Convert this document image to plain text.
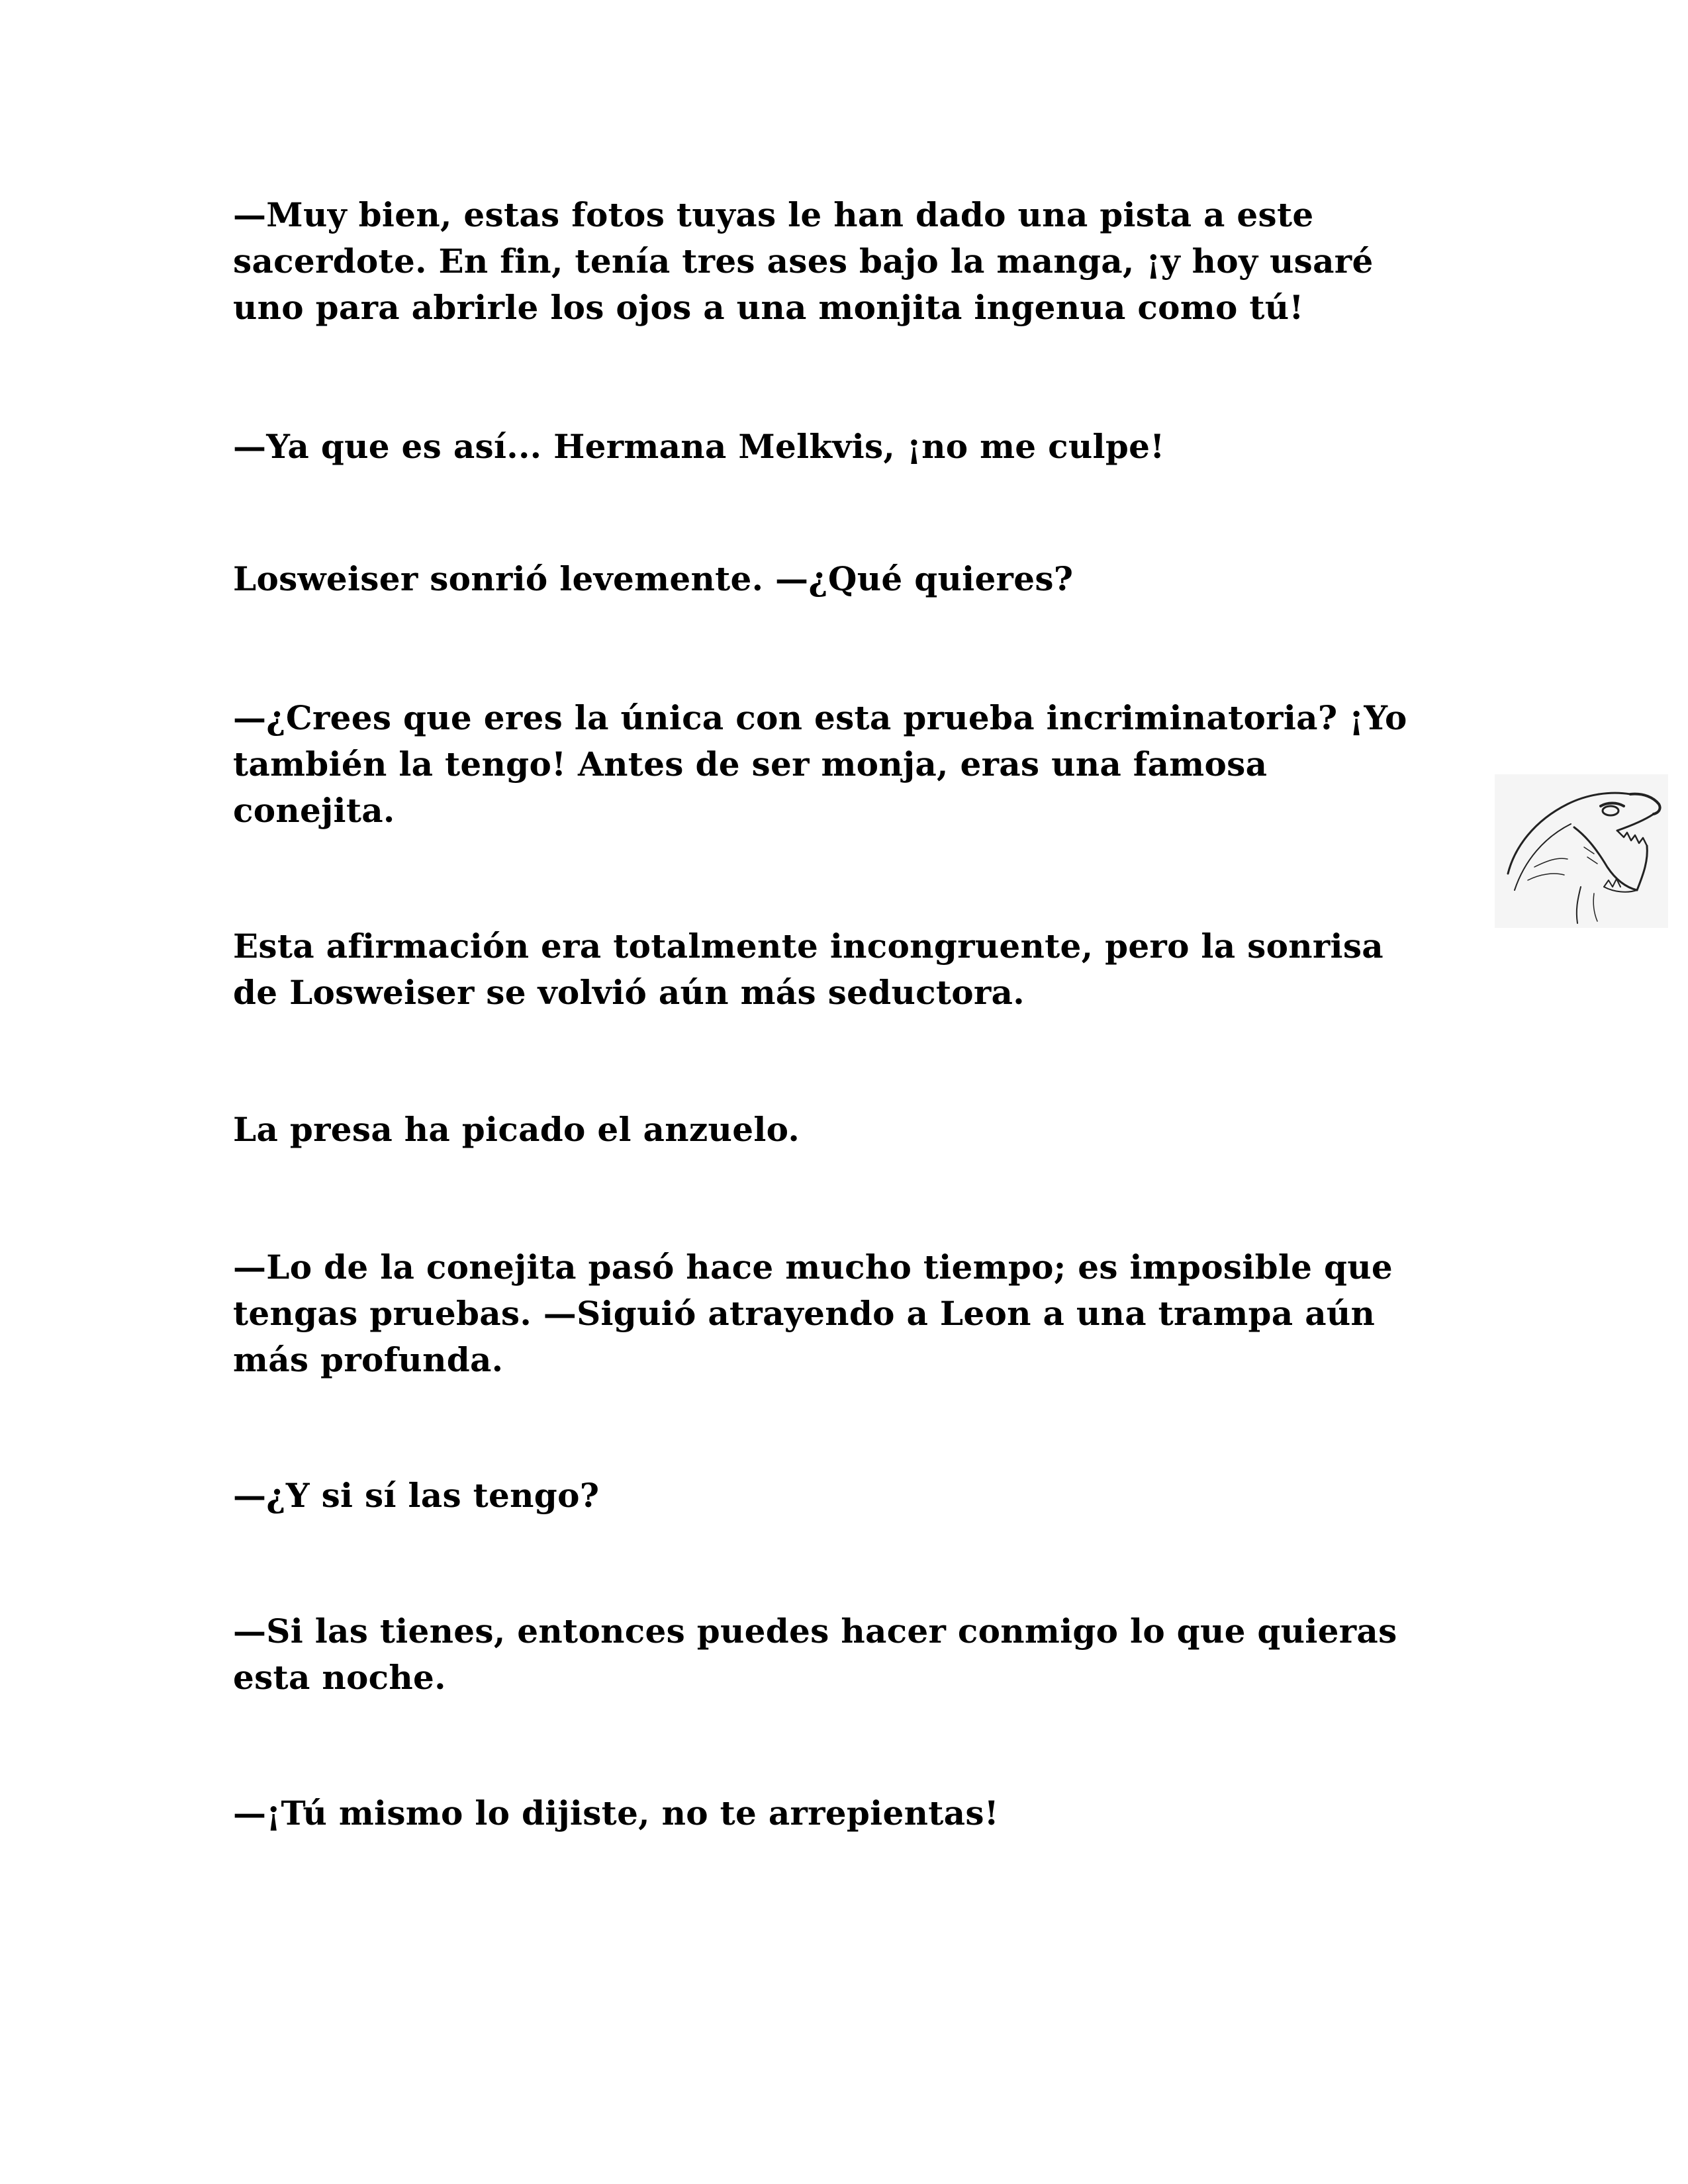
—Muy bien, estas fotos tuyas le han dado una pista a este
sacerdote. En fin, tenía tres ases bajo la manga, ¡y hoy usaré
uno para abrirle los ojos a una monjita ingenua como tú!

—Ya que es así... Hermana Melkvis, ¡no me culpe!

Losweiser sonrió levemente. —¿Qué quieres?

—¿Crees que eres la única con esta prueba incriminatoria? ¡Yo
también la tengo! Antes de ser monja, eras una famosa
conejita.

Esta afirmación era totalmente incongruente, pero la sonrisa
de Losweiser se volvió aún más seductora.

La presa ha picado el anzuelo.

—Lo de la conejita pasó hace mucho tiempo; es imposible que
tengas pruebas. —Siguió atrayendo a Leon a una trampa aún
más profunda.

—¿Y si sí las tengo?

—Si las tienes, entonces puedes hacer conmigo lo que quieras
esta noche.

—¡Tú mismo lo dijiste, no te arrepientas!
